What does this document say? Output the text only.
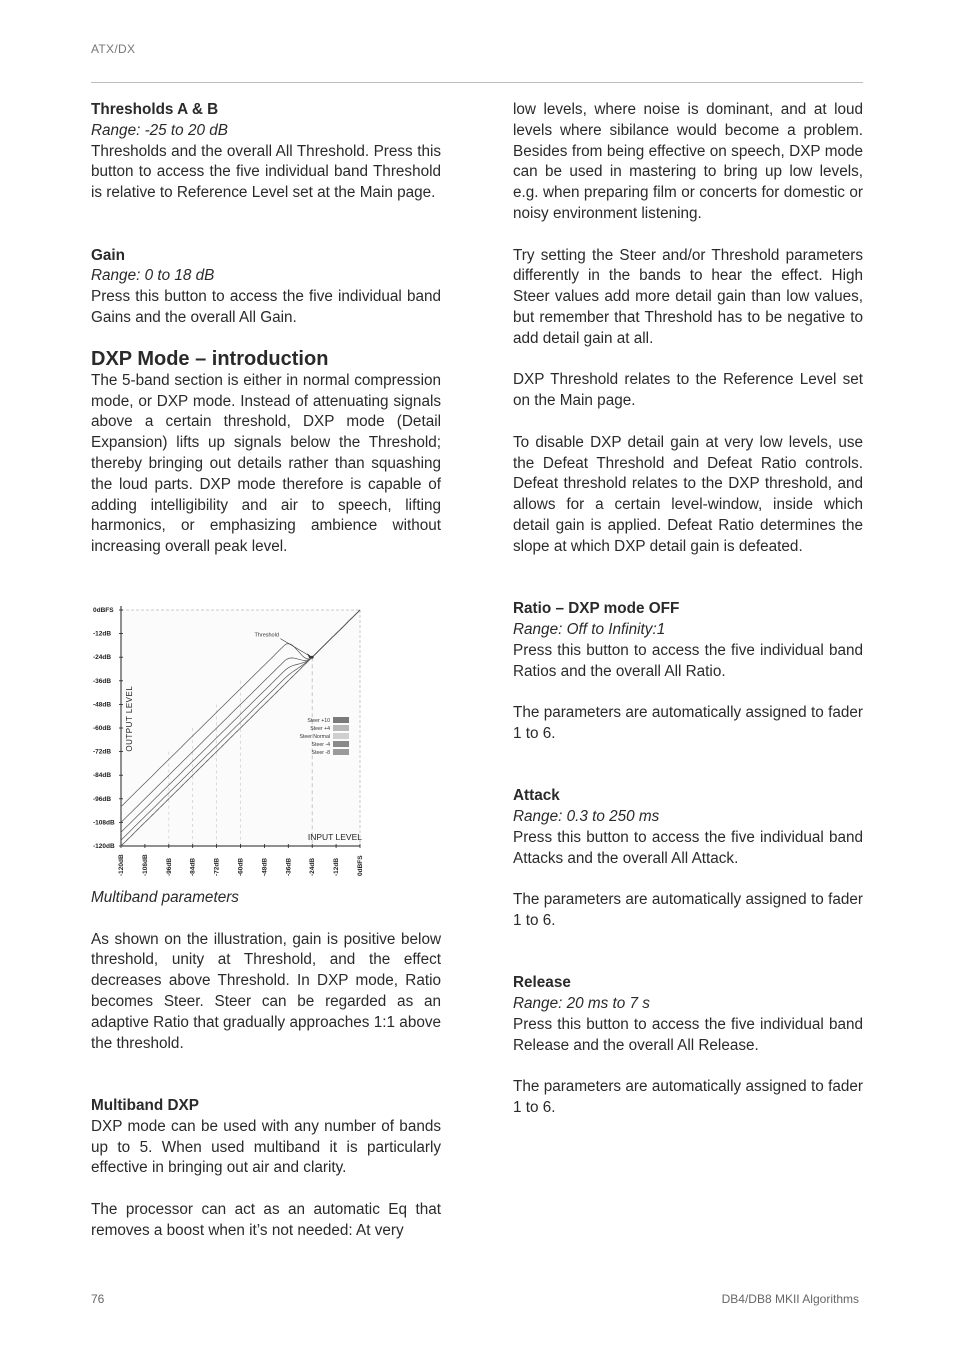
ATX/DX

Thresholds A & B

Range: -25 to 20 dB

Thresholds and the overall All Threshold. Press this button to access the five individual band Threshold is relative to Reference Level set at the Main page.

Gain

Range: 0 to 18 dB

Press this button to access the five individual band Gains and the overall All Gain.

DXP Mode – introduction

The 5-band section is either in normal compression mode, or DXP mode. Instead of attenuating signals above a certain threshold, DXP mode (Detail Expansion) lifts up signals below the Threshold; thereby bringing out details rather than squashing the loud parts. DXP mode therefore is capable of adding intelligibility and air to speech, lifting harmonics, or emphasizing ambience without increasing overall peak level.

0dBFS
-12dB
-24dB
-36dB
-48dB
-60dB
-72dB
-84dB
-96dB
-108dB
-120dB
-120dB	-108dB	-96dB	-84dB	-72dB	-60dB	-48dB	-36dB	-24dB	-12dB	0dBFS
OUTPUT LEVEL
INPUT LEVEL
Threshold
Steer +10
Steer +4
Steer Normal
Steer -4
Steer -8

Multiband parameters

As shown on the illustration, gain is positive below threshold, unity at Threshold, and the effect decreases above Threshold. In DXP mode, Ratio becomes Steer. Steer can be regarded as an adaptive Ratio that gradually approaches 1:1 above the threshold.

Multiband DXP

DXP mode can be used with any number of bands up to 5. When used multiband it is particularly effective in bringing out air and clarity.

The processor can act as an automatic Eq that removes a boost when it’s not needed: At very

low levels, where noise is dominant, and at loud levels where sibilance would become a problem. Besides from being effective on speech, DXP mode can be used in mastering to bring up low levels, e.g. when preparing film or concerts for domestic or noisy environment listening.

Try setting the Steer and/or Threshold parameters differently in the bands to hear the effect. High Steer values add more detail gain than low values, but remember that Threshold has to be negative to add detail gain at all.

DXP Threshold relates to the Reference Level set on the Main page.

To disable DXP detail gain at very low levels, use the Defeat Threshold and Defeat Ratio controls. Defeat threshold relates to the DXP threshold, and allows for a certain level-window, inside which detail gain is applied. Defeat Ratio determines the slope at which DXP detail gain is defeated.

Ratio – DXP mode OFF

Range: Off to Infinity:1

Press this button to access the five individual band Ratios and the overall All Ratio.

The parameters are automatically assigned to fader 1 to 6.

Attack

Range: 0.3 to 250 ms

Press this button to access the five individual band Attacks and the overall All Attack.

The parameters are automatically assigned to fader 1 to 6.

Release

Range: 20 ms to 7 s

Press this button to access the five individual band Release and the overall All Release.

The parameters are automatically assigned to fader 1 to 6.

76	DB4/DB8 MKII Algorithms
